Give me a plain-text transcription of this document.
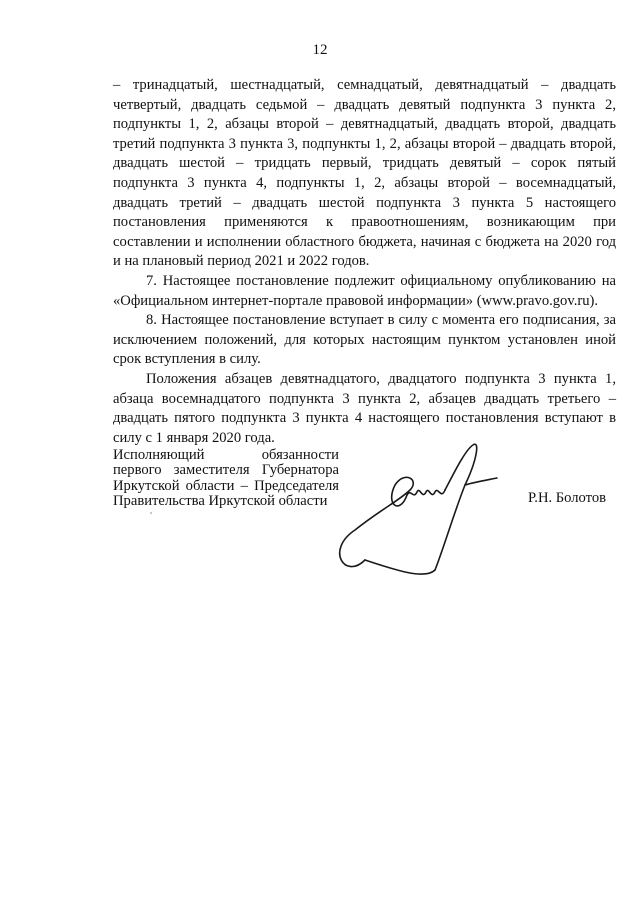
12

– тринадцатый, шестнадцатый, семнадцатый, девятнадцатый – двадцать четвертый, двадцать седьмой – двадцать девятый подпункта 3 пункта 2, подпункты 1, 2, абзацы второй – девятнадцатый, двадцать второй, двадцать третий подпункта 3 пункта 3, подпункты 1, 2, абзацы второй – двадцать второй, двадцать шестой – тридцать первый, тридцать девятый – сорок пятый подпункта 3 пункта 4, подпункты 1, 2, абзацы второй – восемнадцатый, двадцать третий – двадцать шестой подпункта 3 пункта 5 настоящего постановления применяются к правоотношениям, возникающим при составлении и исполнении областного бюджета, начиная с бюджета на 2020 год и на плановый период 2021 и 2022 годов.

7. Настоящее постановление подлежит официальному опубликованию на «Официальном интернет-портале правовой информации» (www.pravo.gov.ru).

8. Настоящее постановление вступает в силу с момента его подписания, за исключением положений, для которых настоящим пунктом установлен иной срок вступления в силу.

Положения абзацев девятнадцатого, двадцатого подпункта 3 пункта 1, абзаца восемнадцатого подпункта 3 пункта 2, абзацев двадцать третьего – двадцать пятого подпункта 3 пункта 4 настоящего постановления вступают в силу с 1 января 2020 года.

Исполняющий обязанности
первого заместителя Губернатора
Иркутской области – Председателя
Правительства Иркутской области	Р.Н. Болотов
